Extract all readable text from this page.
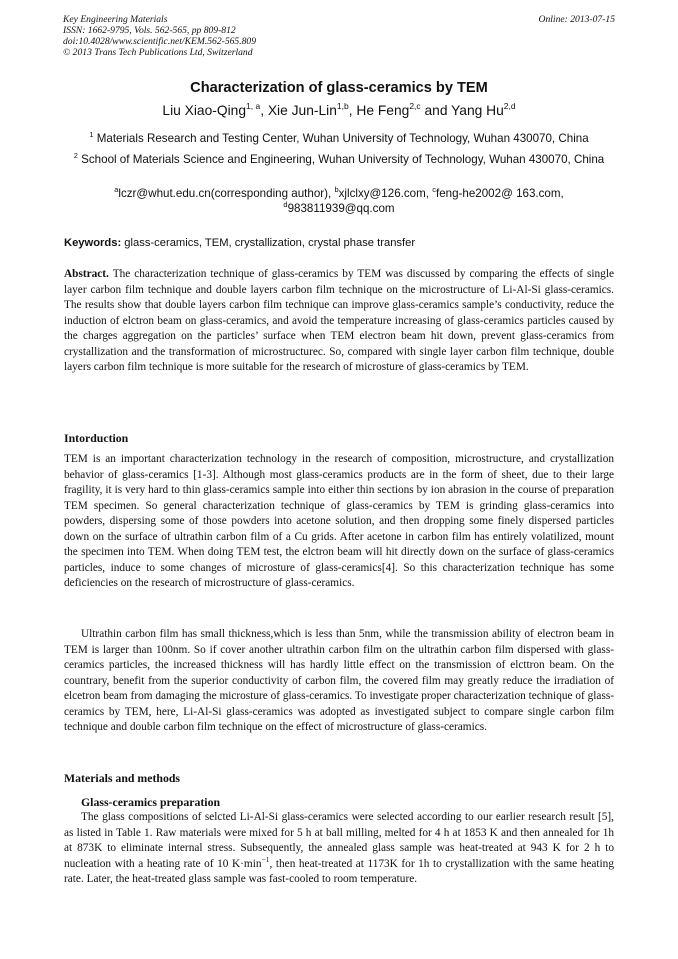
Key Engineering Materials
ISSN: 1662-9795, Vols. 562-565, pp 809-812
doi:10.4028/www.scientific.net/KEM.562-565.809
© 2013 Trans Tech Publications Ltd, Switzerland
Online: 2013-07-15
Characterization of glass-ceramics by TEM
Liu Xiao-Qing$^{1, a}$, Xie Jun-Lin$^{1,b}$, He Feng$^{2,c}$ and Yang Hu$^{2,d}$
$^1$ Materials Research and Testing Center, Wuhan University of Technology, Wuhan 430070, China
$^2$ School of Materials Science and Engineering, Wuhan University of Technology, Wuhan 430070, China
$^a$lczr@whut.edu.cn(corresponding author), $^b$xjlclxy@126.com, $^c$feng-he2002@ 163.com,
$^d$983811939@qq.com
Keywords: glass-ceramics, TEM, crystallization, crystal phase transfer
Abstract. The characterization technique of glass-ceramics by TEM was discussed by comparing the effects of single layer carbon film technique and double layers carbon film technique on the microstructure of Li-Al-Si glass-ceramics. The results show that double layers carbon film technique can improve glass-ceramics sample’s conductivity, reduce the induction of elctron beam on glass-ceramics, and avoid the temperature increasing of glass-ceramics particles caused by the charges aggregation on the particles’ surface when TEM electron beam hit down, prevent glass-ceramics from crystallization and the transformation of microstructurec. So, compared with single layer carbon film technique, double layers carbon film technique is more suitable for the research of microsture of glass-ceramics by TEM.
Intorduction
TEM is an important characterization technology in the research of composition, microstructure, and crystallization behavior of glass-ceramics [1-3]. Although most glass-ceramics products are in the form of sheet, due to their large fragility, it is very hard to thin glass-ceramics sample into either thin sections by ion abrasion in the course of preparation TEM specimen. So general characterization technique of glass-ceramics by TEM is grinding glass-ceramics into powders, dispersing some of those powders into acetone solution, and then dropping some finely dispersed particles down on the surface of ultrathin carbon film of a Cu grids. After acetone in carbon film has entirely volatilized, mount the specimen into TEM. When doing TEM test, the elctron beam will hit directly down on the surface of glass-ceramics particles, induce to some changes of microsture of glass-ceramics[4]. So this characterization technique has some deficiencies on the research of microstructure of glass-ceramics.
Ultrathin carbon film has small thickness,which is less than 5nm, while the transmission ability of electron beam in TEM is larger than 100nm. So if cover another ultrathin carbon film on the ultrathin carbon film dispersed with glass-ceramics particles, the increased thickness will has hardly little effect on the transmission of elcttron beam. On the countrary, benefit from the superior conductivity of carbon film, the covered film may greatly reduce the irradiation of elcetron beam from damaging the microsture of glass-ceramics. To investigate proper characterization technique of glass-ceramics by TEM, here, Li-Al-Si glass-ceramics was adopted as investigated subject to compare single carbon film technique and double carbon film technique on the effect of microstructure of glass-ceramics.
Materials and methods
Glass-ceramics preparation
The glass compositions of selcted Li-Al-Si glass-ceramics were selected according to our earlier research result [5], as listed in Table 1. Raw materials were mixed for 5 h at ball milling, melted for 4 h at 1853 K and then annealed for 1h at 873K to eliminate internal stress. Subsequently, the annealed glass sample was heat-treated at 943 K for 2 h to nucleation with a heating rate of 10 $K\cdot\min^{-1}$, then heat-treated at 1173K for 1h to crystallization with the same heating rate. Later, the heat-treated glass sample was fast-cooled to room temperature.
